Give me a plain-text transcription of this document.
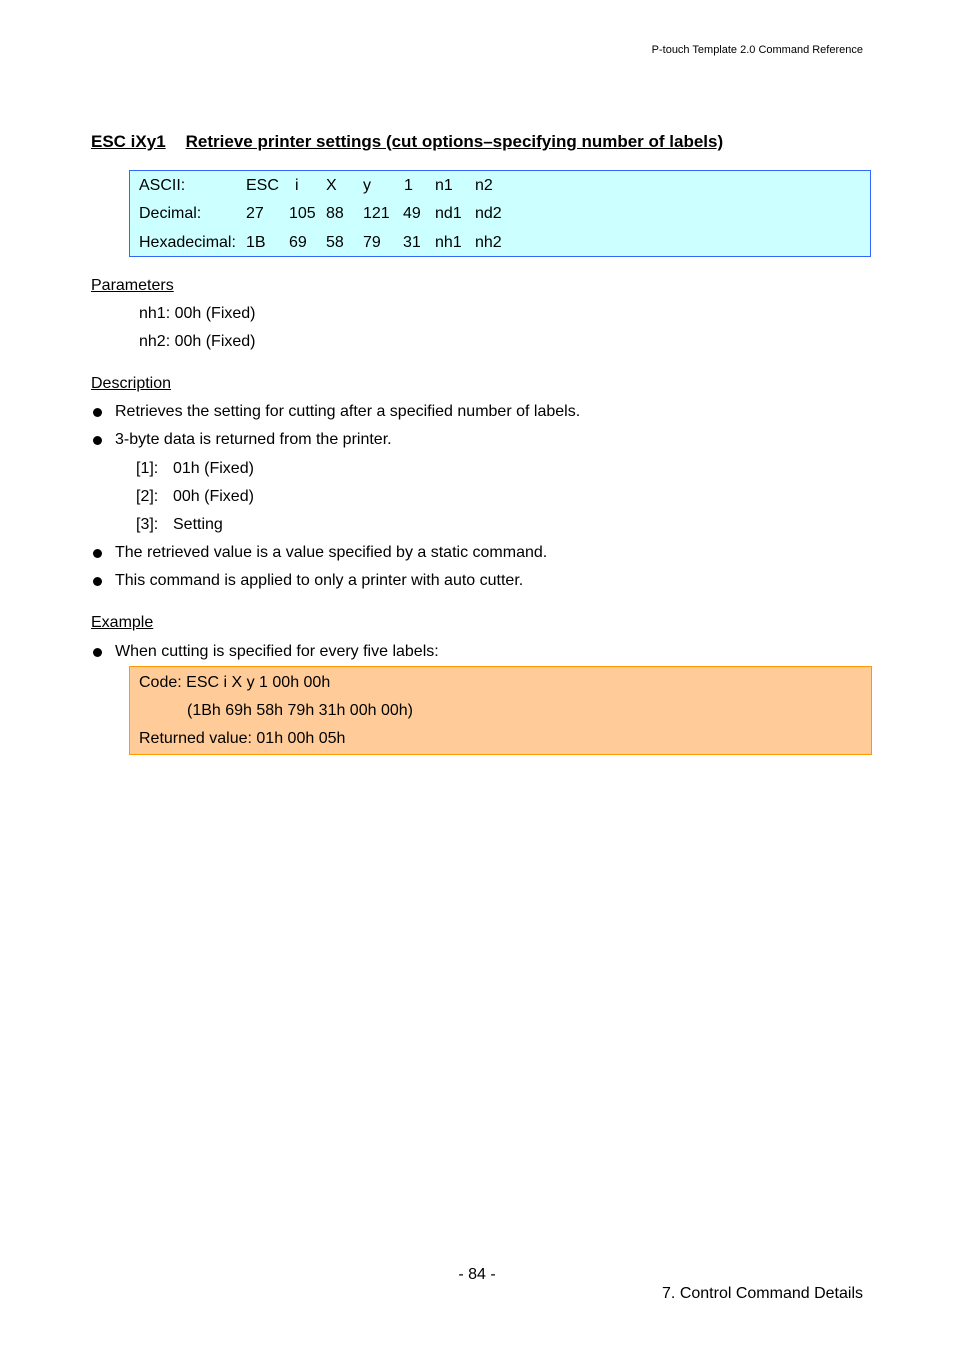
P-touch Template 2.0 Command Reference
ESC iXy1 Retrieve printer settings (cut options–specifying number of labels)
ASCII:	ESC i X y 1 n1 n2
Decimal:	27 105 88 121 49 nd1 nd2
Hexadecimal: 1B 69 58 79 31 nh1 nh2
Parameters
nh1: 00h (Fixed)
nh2: 00h (Fixed)
Description
Retrieves the setting for cutting after a specified number of labels.
3-byte data is returned from the printer.
[1]: 01h (Fixed)
[2]: 00h (Fixed)
[3]: Setting
The retrieved value is a value specified by a static command.
This command is applied to only a printer with auto cutter.
Example
When cutting is specified for every five labels:
Code: ESC i X y 1 00h 00h
(1Bh 69h 58h 79h 31h 00h 00h)
Returned value: 01h 00h 05h
- 84 -
7. Control Command Details
